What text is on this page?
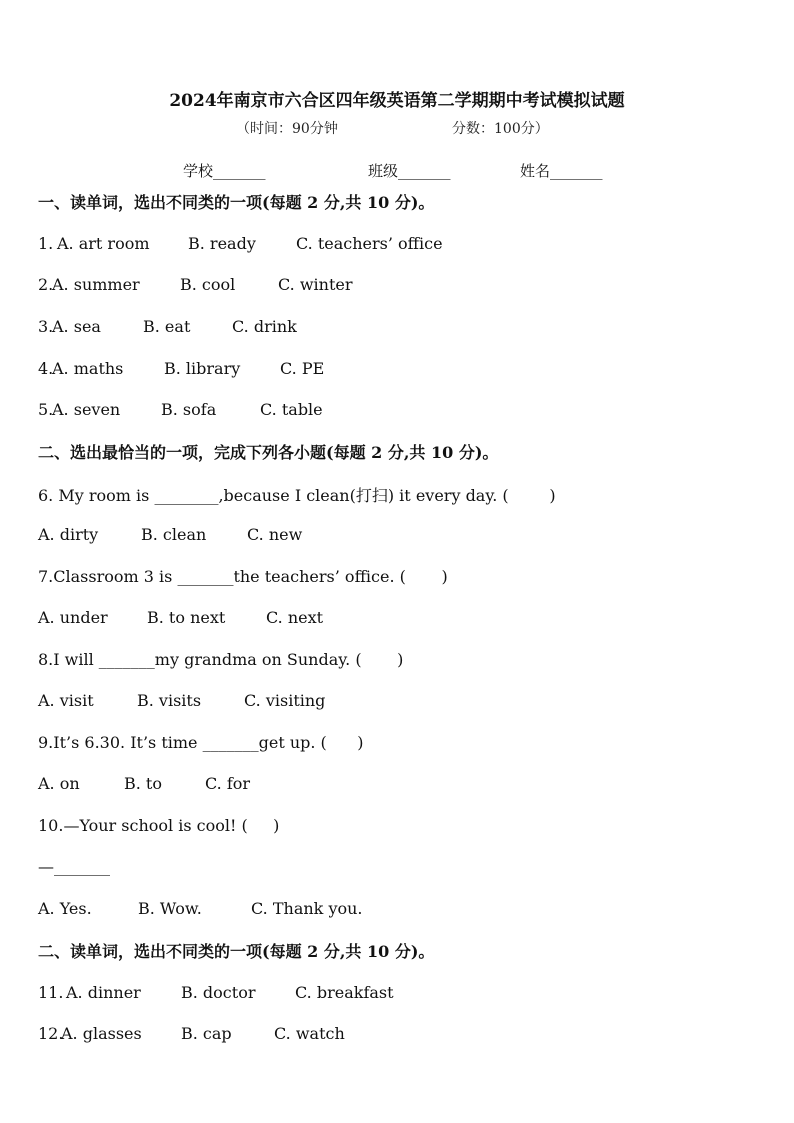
2024年南京市六合区四年级英语第二学期期中考试模拟试题
（时间：90分钟	分数：100分）
学校_______	班级_______	姓名_______
一、读单词，选出不同类的一项(每题 2 分,共 10 分)。
1.
A. art room B. ready	C. teachers’ office
2.
A. summer	B. cool	C. winter
3.
A. sea	B. eat	C. drink
4.
A. maths	B. library C. PE
5.
A. seven	B. sofa	C. table
二、选出最恰当的一项，完成下列各小题(每题 2 分,共 10 分)。
6. My room is ________,because I clean(打扫) it every day. (        )
A. dirty	B. clean	C. new
7.Classroom 3 is _______the teachers’ office. (       )
A. under B. to next	C. next
8.I will _______my grandma on Sunday. (       )
A. visit	B. visits	C. visiting
9.It’s 6.30. It’s time _______get up. (      )
A. on	B. to	C. for
10.—Your school is cool! (     )
—_______
A. Yes.	B. Wow.	C. Thank you.
二、读单词，选出不同类的一项(每题 2 分,共 10 分)。
11.
A. dinner	B. doctor C. breakfast
12.
A. glasses B. cap	C. watch
